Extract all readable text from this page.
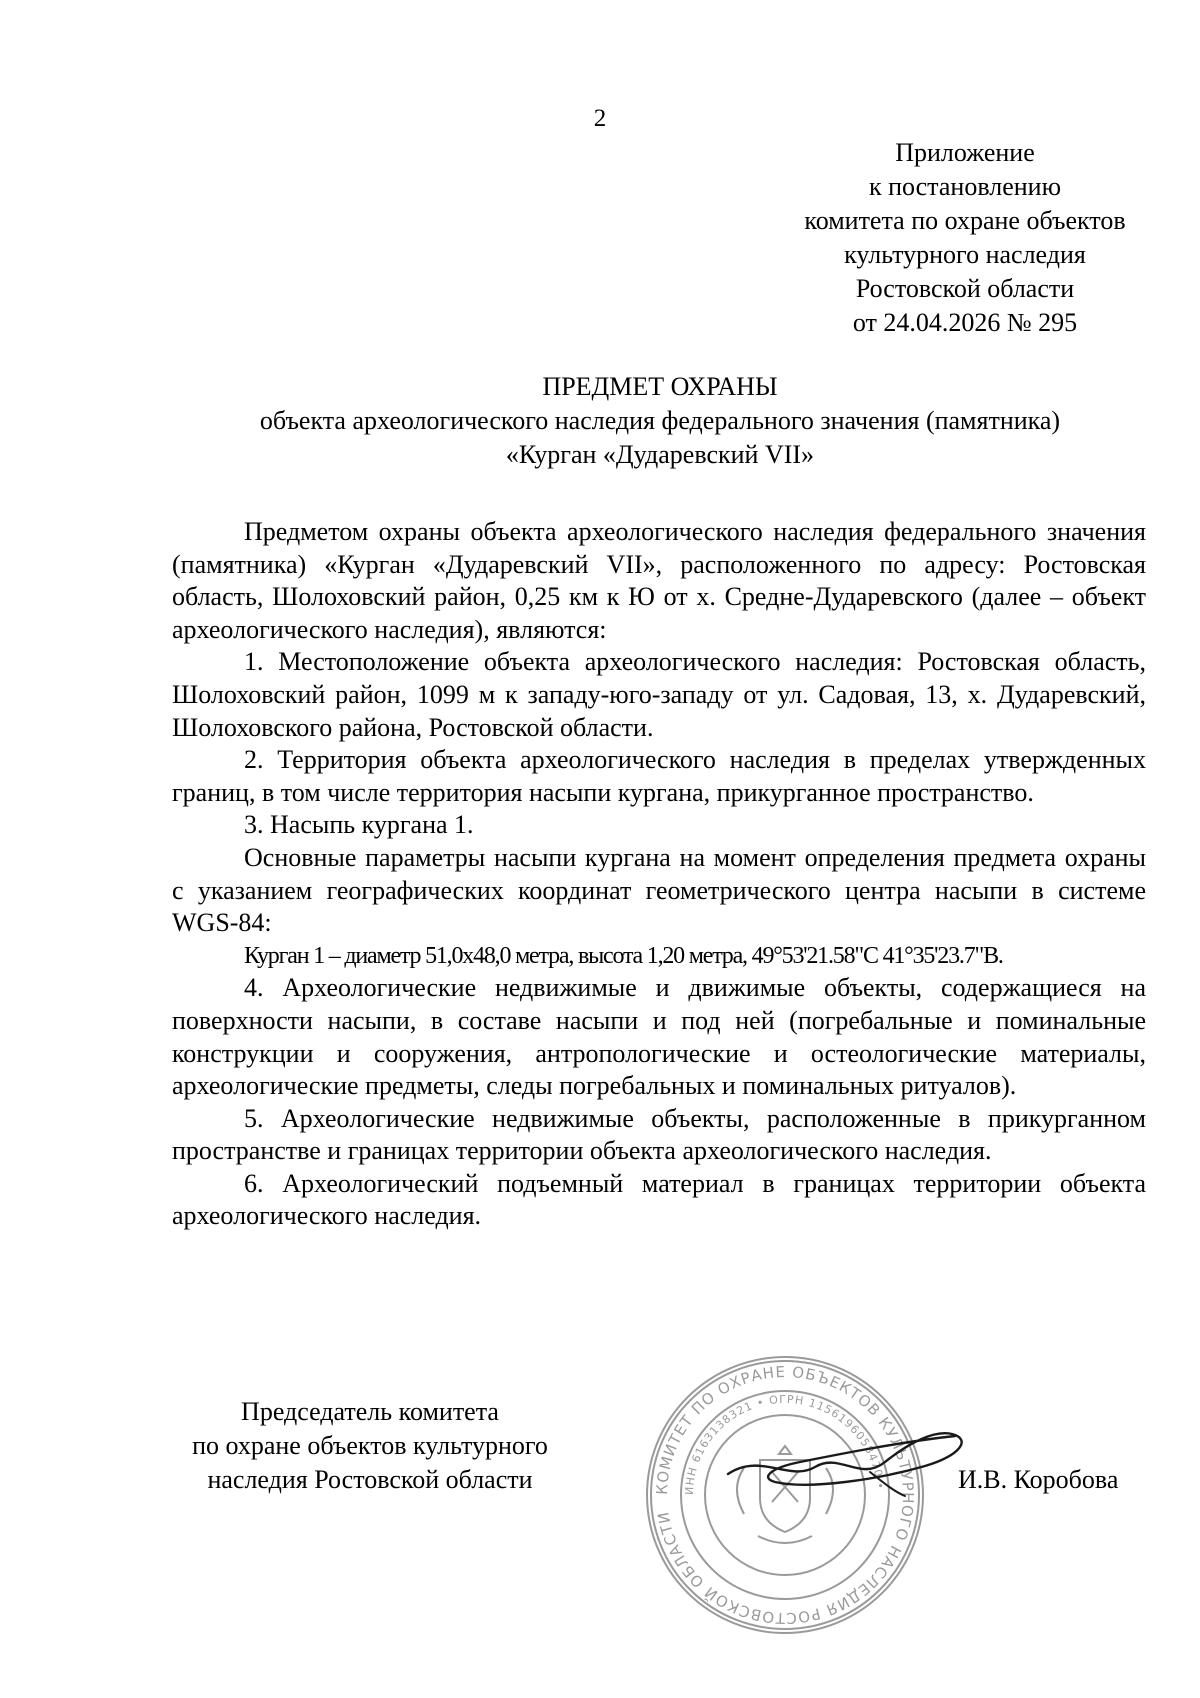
2
Приложение
к постановлению
комитета по охране объектов
культурного наследия
Ростовской области
от 24.04.2026 № 295
ПРЕДМЕТ ОХРАНЫ
объекта археологического наследия федерального значения (памятника)
«Курган «Дударевский VII»

Предметом охраны объекта археологического наследия федерального значения (памятника) «Курган «Дударевский VII», расположенного по адресу: Ростовская область, Шолоховский район, 0,25 км к Ю от х. Средне-Дударевского (далее – объект археологического наследия), являются:

1. Местоположение объекта археологического наследия: Ростовская область, Шолоховский район, 1099 м к западу-юго-западу от ул. Садовая, 13, х. Дударевский, Шолоховского района, Ростовской области.

2. Территория объекта археологического наследия в пределах утвержденных границ, в том числе территория насыпи кургана, прикурганное пространство.

3. Насыпь кургана 1.

Основные параметры насыпи кургана на момент определения предмета охраны с указанием географических координат геометрического центра насыпи в системе WGS-84:

Курган 1 – диаметр 51,0х48,0 метра, высота 1,20 метра, 49°53'21.58"С 41°35'23.7"В.

4. Археологические недвижимые и движимые объекты, содержащиеся на поверхности насыпи, в составе насыпи и под ней (погребальные и поминальные конструкции и сооружения, антропологические и остеологические материалы, археологические предметы, следы погребальных и поминальных ритуалов).

5. Археологические недвижимые объекты, расположенные в прикурганном пространстве и границах территории объекта археологического наследия.

6. Археологический подъемный материал в границах территории объекта археологического наследия.

Председатель комитета
по охране объектов культурного
наследия Ростовской области	КОМИТЕТ ПО ОХРАНЕ ОБЪЕКТОВ КУЛЬТУРНОГО НАСЛЕДИЯ РОСТОВСКОЙ ОБЛАСТИ
ИНН 6163138321 • ОГРН 1156196058470 •	И.В. Коробова
